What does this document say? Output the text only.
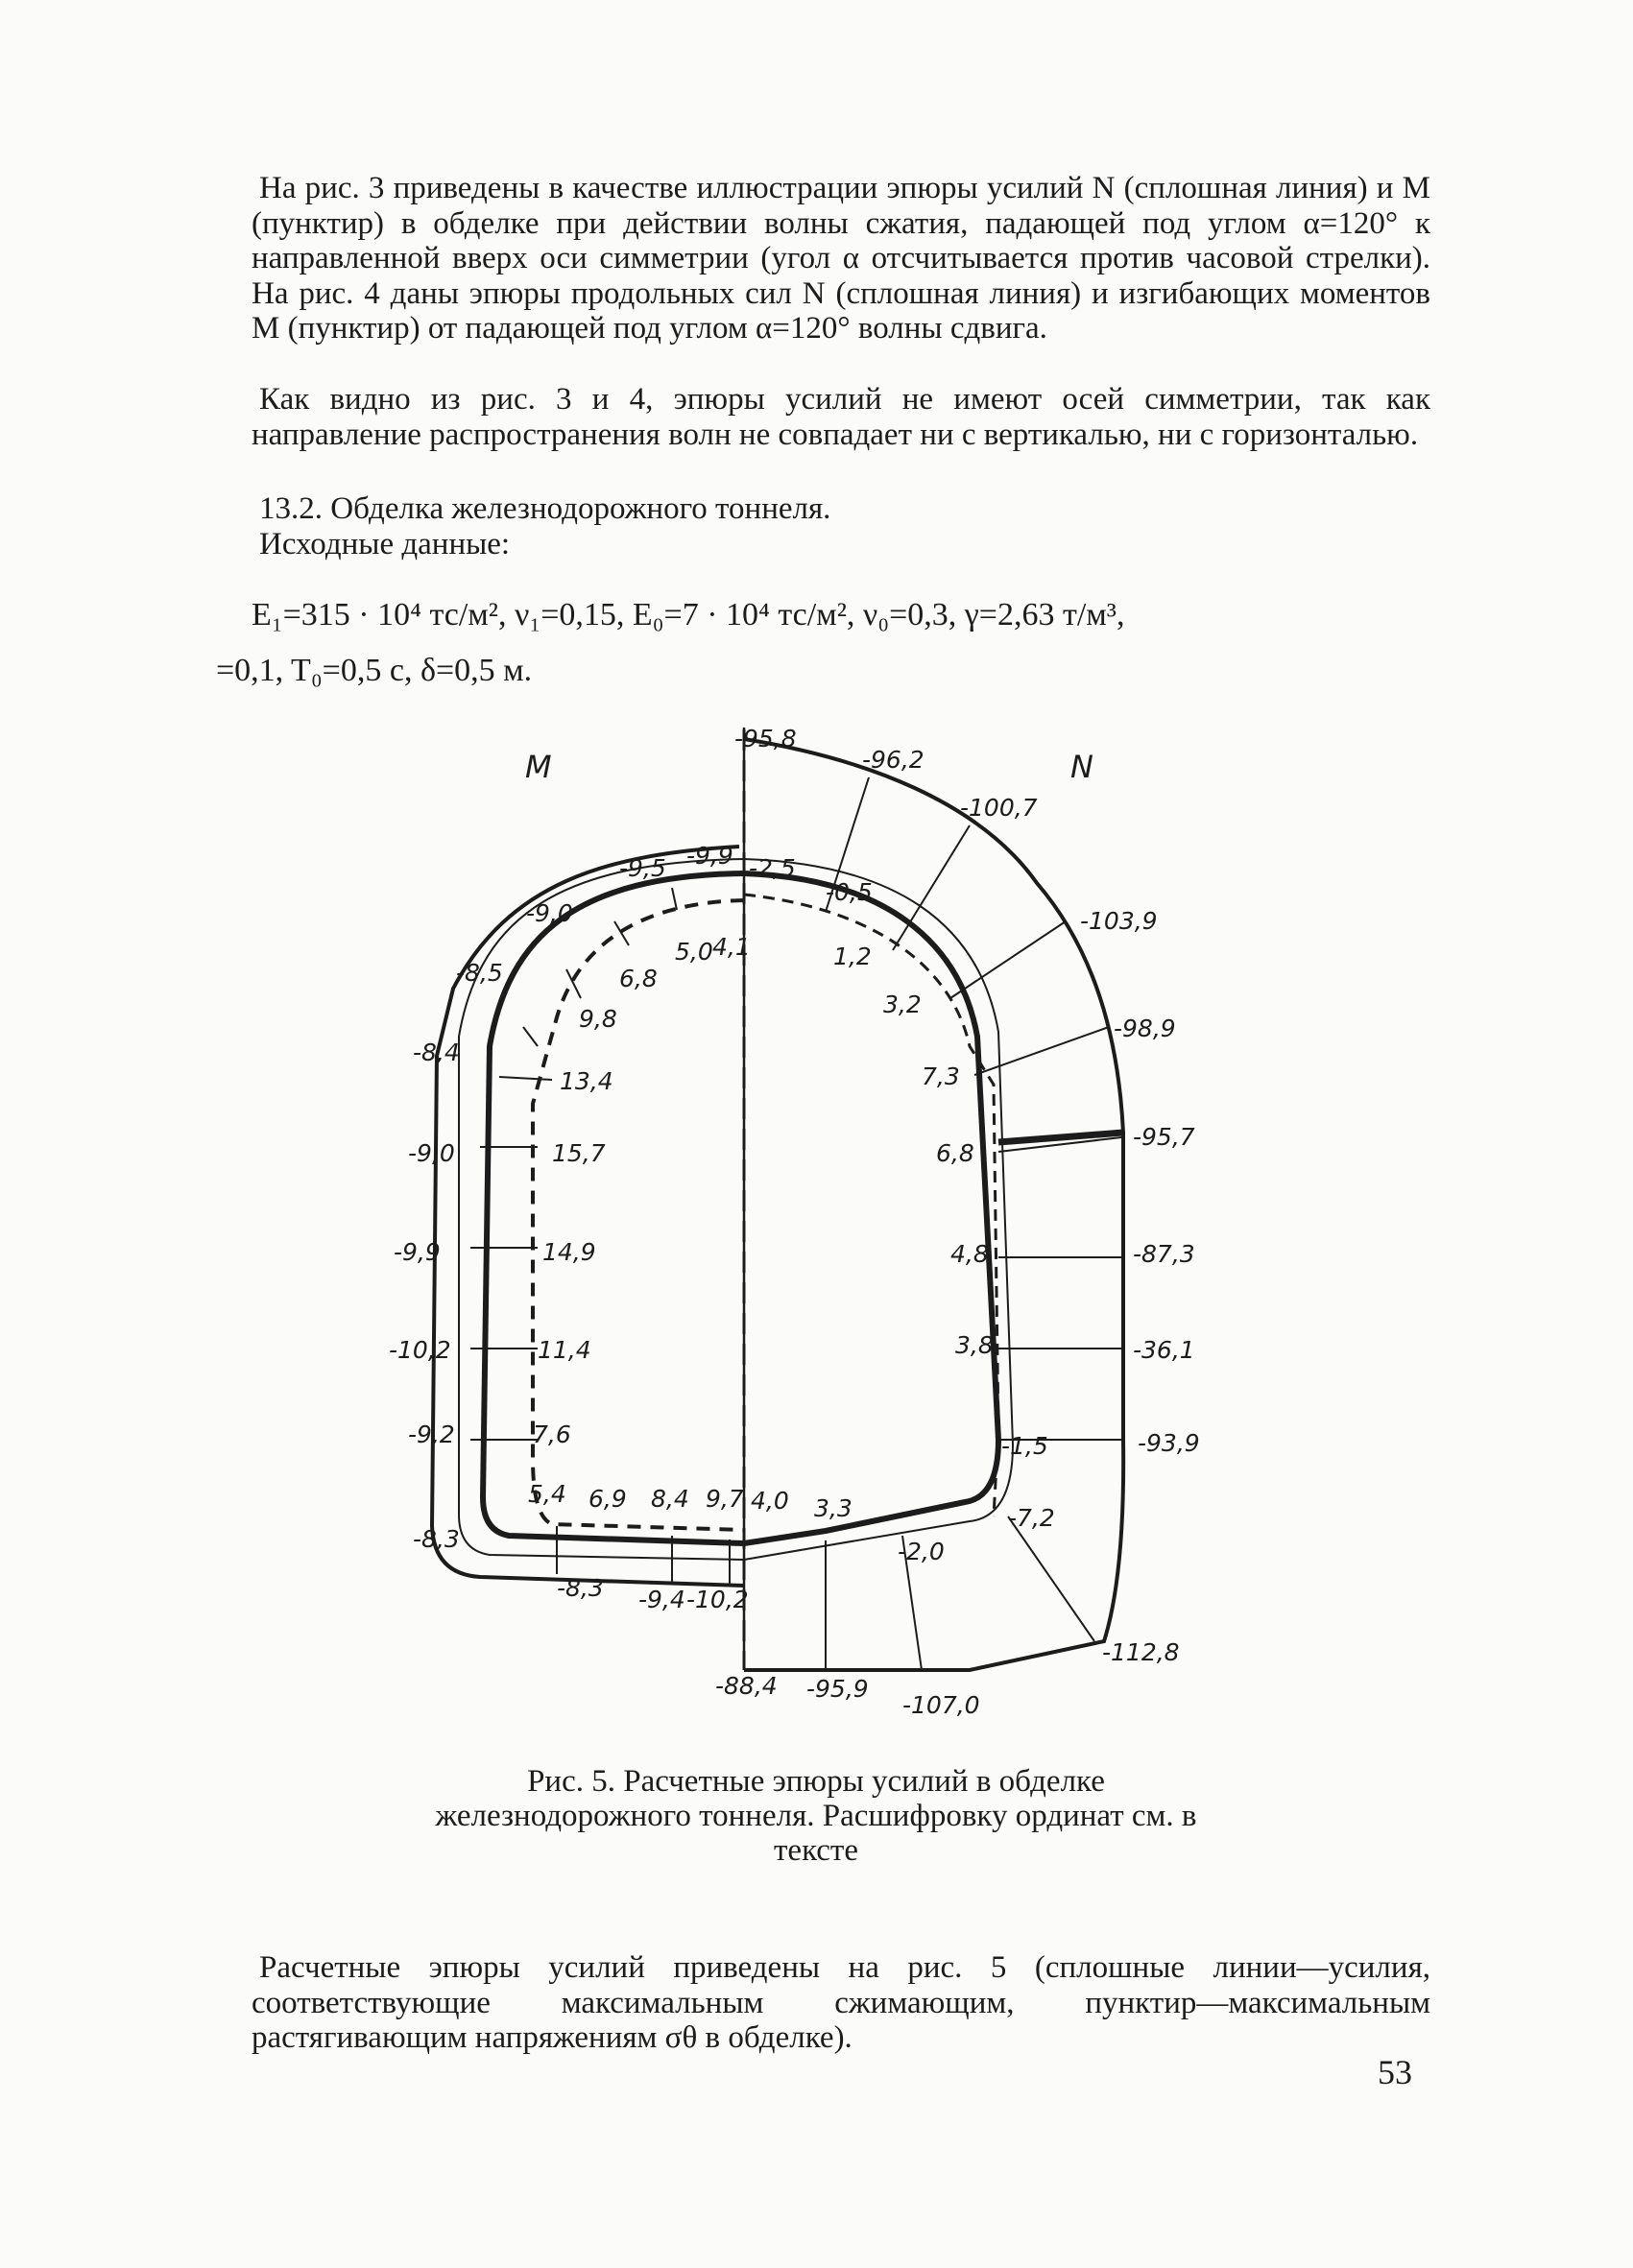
На рис. 3 приведены в качестве иллюстрации эпюры усилий N (сплошная линия) и M (пунктир) в обделке при действии волны сжатия, падающей под углом α=120° к направленной вверх оси симметрии (угол α отсчитывается против часовой стрелки). На рис. 4 даны эпюры продольных сил N (сплошная линия) и изгибающих моментов M (пунктир) от падающей под углом α=120° волны сдвига.

Как видно из рис. 3 и 4, эпюры усилий не имеют осей симметрии, так как направление распространения волн не совпадает ни с вертикалью, ни с горизонталью.

13.2. Обделка железнодорожного тоннеля.

Исходные данные:

E₁=315 · 10⁴ тс/м², ν₁=0,15, E₀=7 · 10⁴ тс/м², ν₀=0,3, γ=2,63 т/м³,

=0,1, T₀=0,5 с, δ=0,5 м.

M	N
-9,9
-9,5
-9,0
-8,5
-8,4
-9,0
-9,9
-10,2
-9,2
-8,3
-8,3 -9,4 -10,2
-2,5
4,1
5,0
6,8
9,8
13,4
15,7
14,9
11,4
7,6
5,4 6,9 8,4 9,7
-95,8
-96,2
-100,7
-103,9
-98,9
-95,7
-87,3
-36,1
-93,9
-112,8
-107,0
-95,9
-88,4
-0,5
1,2
3,2
7,3
6,8
4,8
3,8
-1,5
-7,2
-2,0
3,3
4,0

Рис. 5. Расчетные эпюры усилий в обделке железнодорожного тоннеля. Расшифровку ординат см. в тексте

Расчетные эпюры усилий приведены на рис. 5 (сплошные линии—усилия, соответствующие максимальным сжимающим, пунктир—максимальным растягивающим напряжениям σθ в обделке).

53
